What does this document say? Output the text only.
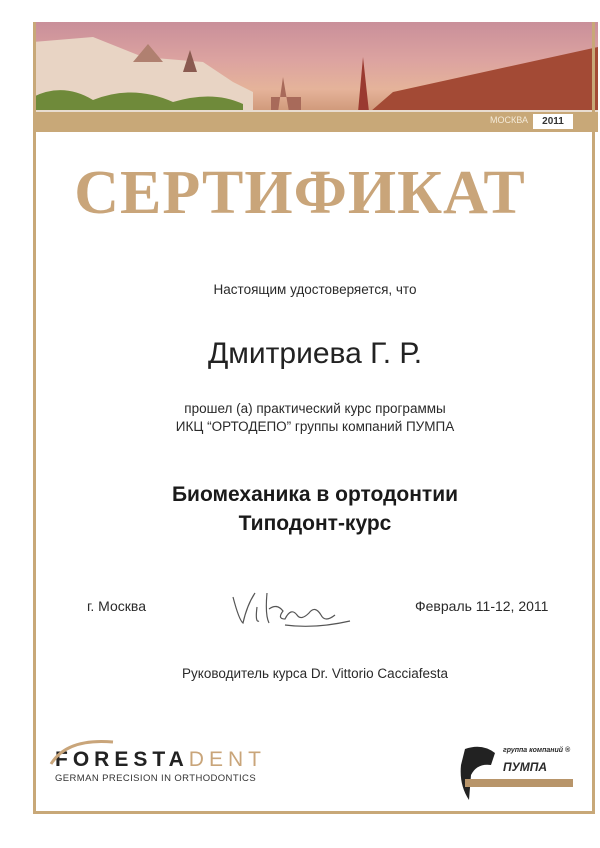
МОСКВА	2011
СЕРТИФИКАТ
Настоящим удостоверяется, что
Дмитриева Г. Р.
прошел (а) практический курс программы
ИКЦ “ОРТОДЕПО” группы компаний ПУМПА
Биомеханика в ортодонтии
Типодонт-курс
г. Москва	Февраль 11-12, 2011
Руководитель курса Dr. Vittorio Cacciafesta
FORESTADENT
GERMAN PRECISION IN ORTHODONTICS
группа компаний ®
ПУМПА
